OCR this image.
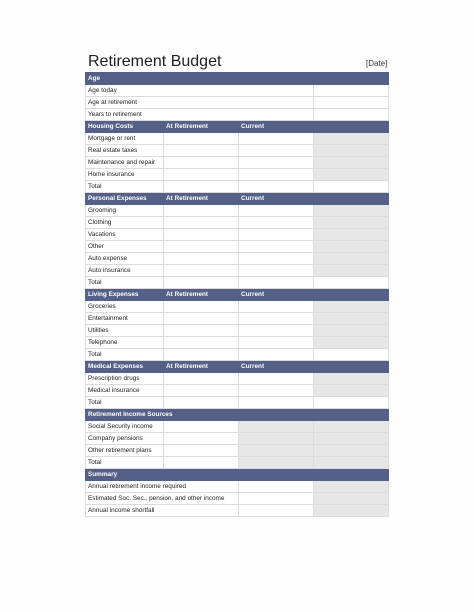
Retirement Budget	[Date]
Age			
Age today			
Age at retirement			
Years to retirement			
Housing Costs	At Retirement	Current	
Mortgage or rent			
Real estate taxes			
Maintenance and repair			
Home insurance			
Total			
Personal Expenses	At Retirement	Current	
Grooming			
Clothing			
Vacations			
Other			
Auto expense			
Auto insurance			
Total			
Living Expenses	At Retirement	Current	
Groceries			
Entertainment			
Utilities			
Telephone			
Total			
Medical Expenses	At Retirement	Current	
Prescription drugs			
Medical insurance			
Total			
Retirement Income Sources			
Social Security income			
Company pensions			
Other retirement plans			
Total			
Summary			
Annual retirement income required			
Estimated Soc. Sec., pension, and other income			
Annual income shortfall			
